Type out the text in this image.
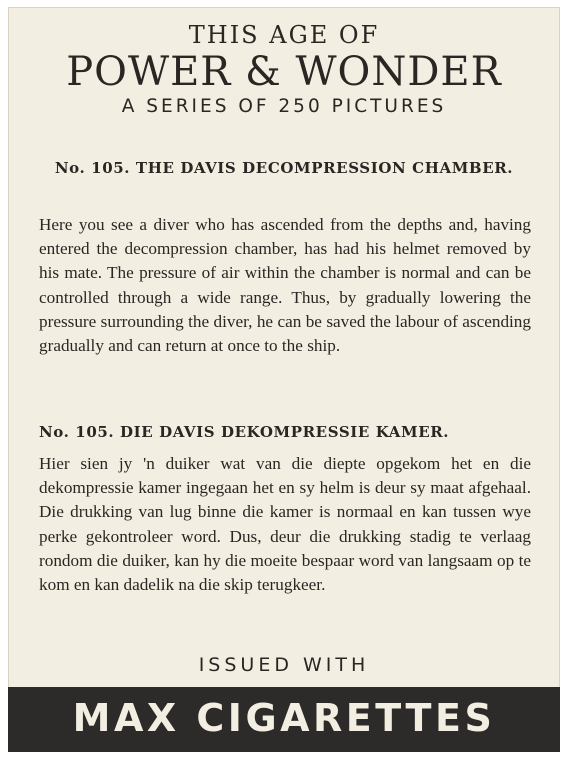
THIS AGE OF
POWER & WONDER
A SERIES OF 250 PICTURES
No. 105. THE DAVIS DECOMPRESSION CHAMBER.
Here you see a diver who has ascended from the depths and, having entered the decompression chamber, has had his helmet removed by his mate. The pressure of air within the chamber is normal and can be controlled through a wide range. Thus, by gradually lowering the pressure surrounding the diver, he can be saved the labour of ascending gradually and can return at once to the ship.
No. 105. DIE DAVIS DEKOMPRESSIE KAMER.
Hier sien jy 'n duiker wat van die diepte opgekom het en die dekompressie kamer ingegaan het en sy helm is deur sy maat afgehaal. Die drukking van lug binne die kamer is normaal en kan tussen wye perke gekontroleer word. Dus, deur die drukking stadig te verlaag rondom die duiker, kan hy die moeite bespaar word van langsaam op te kom en kan dadelik na die skip terugkeer.
ISSUED WITH
MAX CIGARETTES
